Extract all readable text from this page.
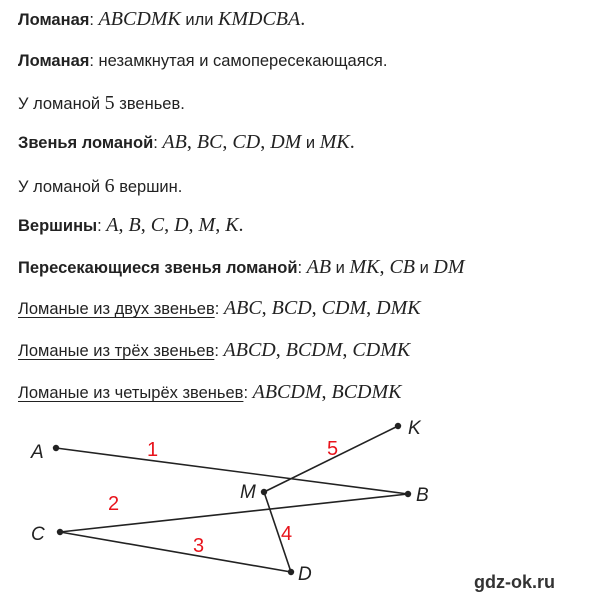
Ломаная: ABCDMK или KMDCBA.
Ломаная: незамкнутая и самопересекающаяся.
У ломаной 5 звеньев.
Звенья ломаной: AB, BC, CD, DM и MK.
У ломаной 6 вершин.
Вершины: A, B, C, D, M, K.
Пересекающиеся звенья ломаной: AB и MK, CB и DM
Ломаные из двух звеньев: ABC, BCD, CDM, DMK
Ломаные из трёх звеньев: ABCD, BCDM, CDMK
Ломаные из четырёх звеньев: ABCDM, BCDMK
A
B
C
D
M
K
1
2
3
4
5
gdz-ok.ru
